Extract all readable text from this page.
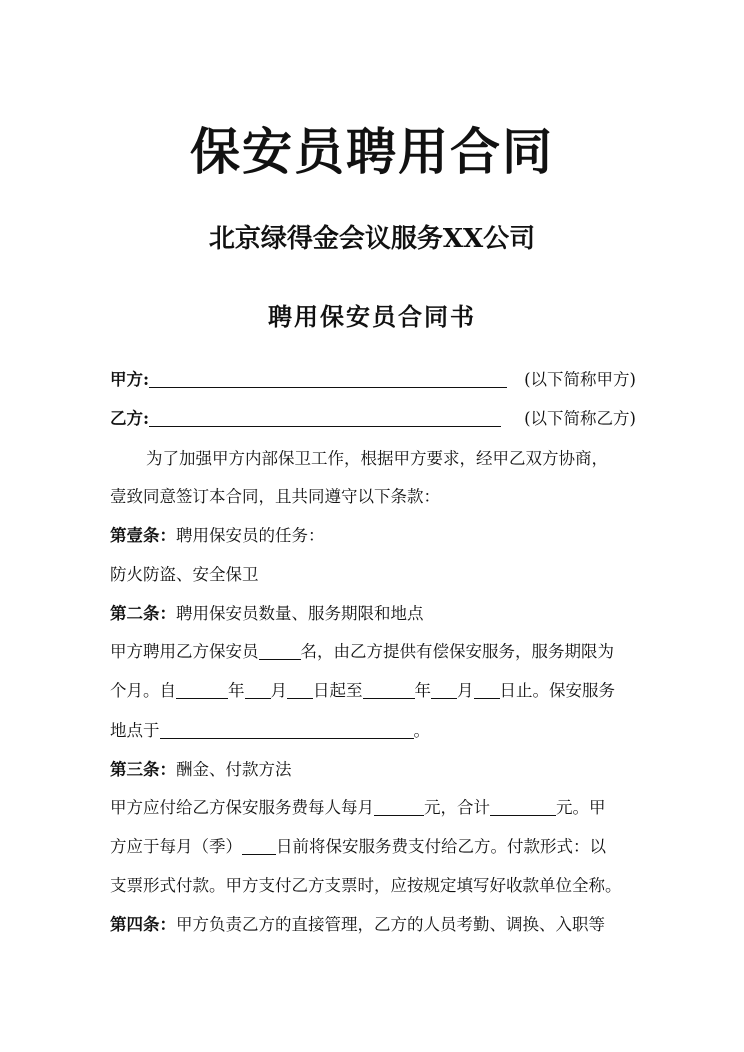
保安员聘用合同
北京绿得金会议服务XX公司
聘用保安员合同书
甲方:	(以下简称甲方)
乙方:	(以下简称乙方)
为了加强甲方内部保卫工作，根据甲方要求，经甲乙双方协商，
壹致同意签订本合同，且共同遵守以下条款：
第壹条：聘用保安员的任务：
防火防盗、安全保卫
第二条：聘用保安员数量、服务期限和地点
甲方聘用乙方保安员	名，由乙方提供有偿保安服务，服务期限为
个月。自	年 月 日起至	年 月 日止。保安服务
地点于	。
第三条：酬金、付款方法
甲方应付给乙方保安服务费每人每月	元，合计	元。甲
方应于每月（季） 日前将保安服务费支付给乙方。付款形式：以
支票形式付款。甲方支付乙方支票时，应按规定填写好收款单位全称。
第四条：甲方负责乙方的直接管理，乙方的人员考勤、调换、入职等
